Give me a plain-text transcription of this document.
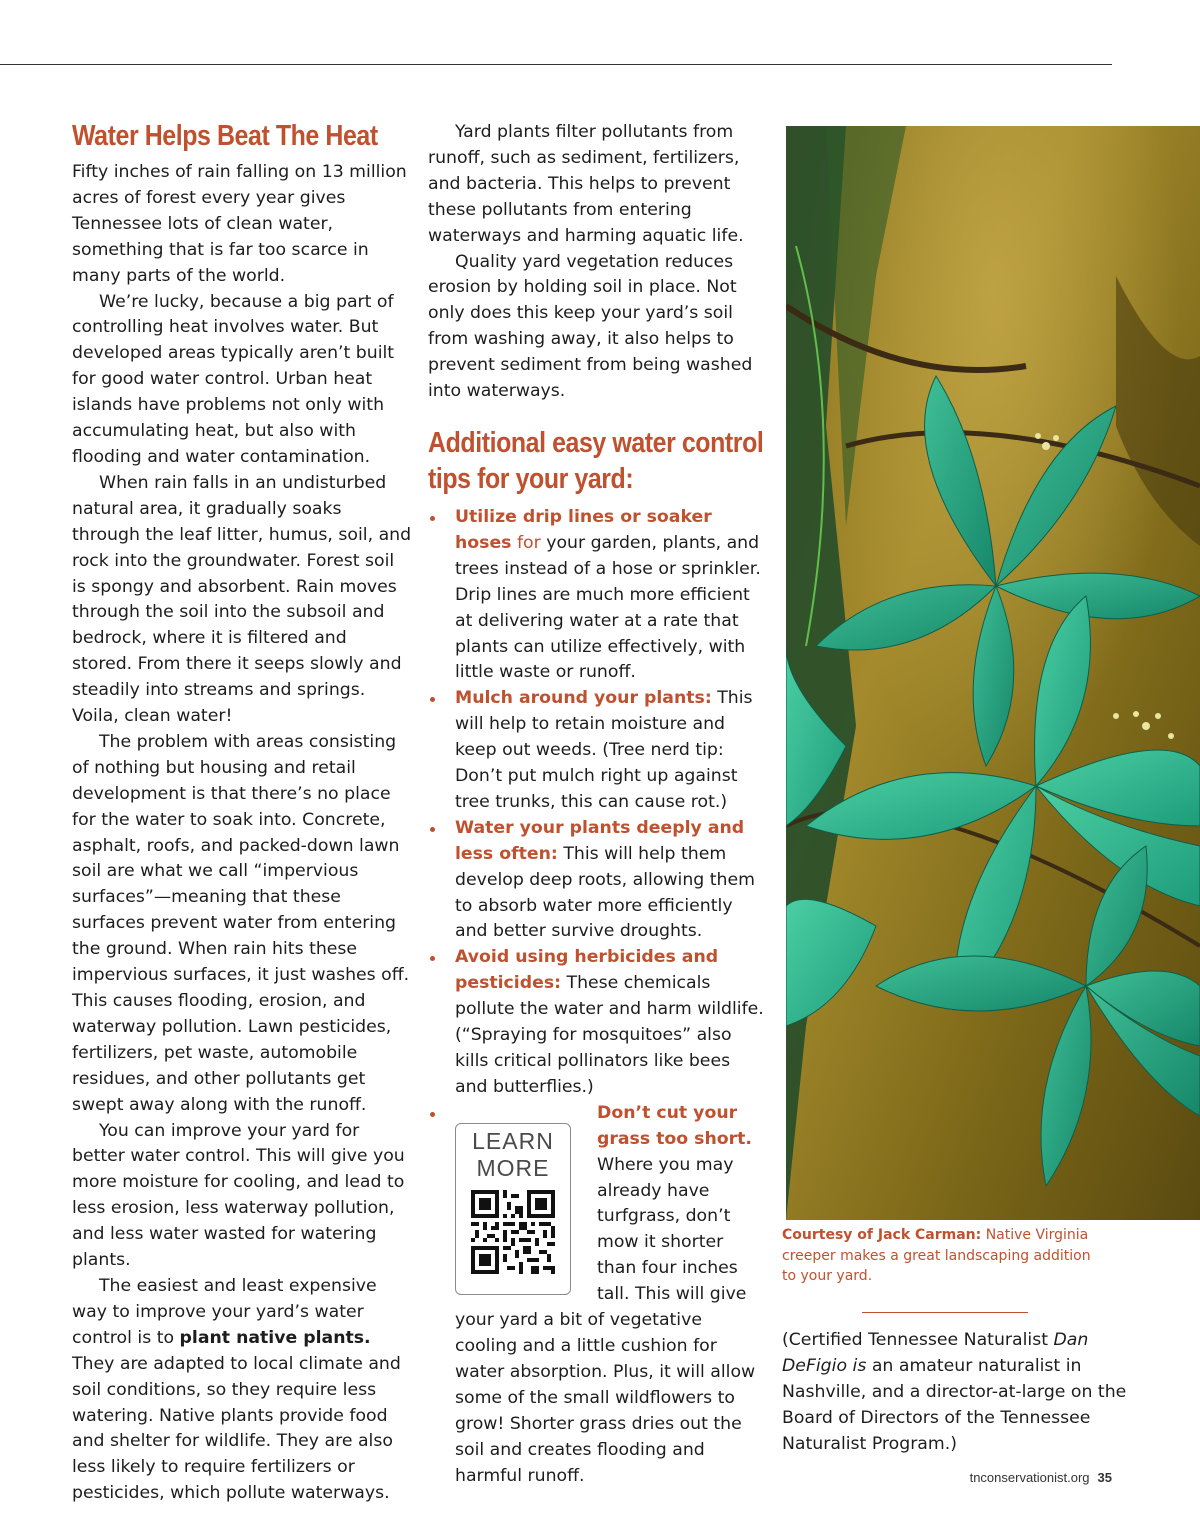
Water Helps Beat The Heat

Fifty inches of rain falling on 13 million acres of forest every year gives Tennessee lots of clean water, something that is far too scarce in many parts of the world.

We’re lucky, because a big part of controlling heat involves water. But developed areas typically aren’t built for good water control. Urban heat islands have problems not only with accumulating heat, but also with flooding and water contamination.

When rain falls in an undisturbed natural area, it gradually soaks through the leaf litter, humus, soil, and rock into the groundwater. Forest soil is spongy and absorbent. Rain moves through the soil into the subsoil and bedrock, where it is filtered and stored. From there it seeps slowly and steadily into streams and springs. Voila, clean water!

The problem with areas consisting of nothing but housing and retail development is that there’s no place for the water to soak into. Concrete, asphalt, roofs, and packed-down lawn soil are what we call “impervious surfaces”—meaning that these surfaces prevent water from entering the ground. When rain hits these impervious surfaces, it just washes off. This causes flooding, erosion, and waterway pollution. Lawn pesticides, fertilizers, pet waste, automobile residues, and other pollutants get swept away along with the runoff.

You can improve your yard for better water control. This will give you more moisture for cooling, and lead to less erosion, less waterway pollution, and less water wasted for watering plants.

The easiest and least expensive way to improve your yard’s water control is to plant native plants. They are adapted to local climate and soil conditions, so they require less watering. Native plants provide food and shelter for wildlife. They are also less likely to require fertilizers or pesticides, which pollute waterways.

Yard plants filter pollutants from runoff, such as sediment, fertilizers, and bacteria. This helps to prevent these pollutants from entering waterways and harming aquatic life.

Quality yard vegetation reduces erosion by holding soil in place. Not only does this keep your yard’s soil from washing away, it also helps to prevent sediment from being washed into waterways.

Additional easy water control tips for your yard:
Utilize drip lines or soaker hoses for your garden, plants, and trees instead of a hose or sprinkler. Drip lines are much more efficient at delivering water at a rate that plants can utilize effectively, with little waste or runoff.
Mulch around your plants: This will help to retain moisture and keep out weeds. (Tree nerd tip: Don’t put mulch right up against tree trunks, this can cause rot.)
Water your plants deeply and less often: This will help them develop deep roots, allowing them to absorb water more efficiently and better survive droughts.
Avoid using herbicides and pesticides: These chemicals pollute the water and harm wildlife. (“Spraying for mosquitoes” also kills critical pollinators like bees and butterflies.)
LEARN
MORE
Don’t cut your grass too short. Where you may already have turfgrass, don’t mow it shorter than four inches tall. This will give your yard a bit of vegetative cooling and a little cushion for water absorption. Plus, it will allow some of the small wildflowers to grow! Shorter grass dries out the soil and creates flooding and harmful runoff.
Courtesy of Jack Carman: Native Virginia creeper makes a great landscaping addition to your yard.
(Certified Tennessee Naturalist Dan DeFigio is an amateur naturalist in Nashville, and a director-at-large on the Board of Directors of the Tennessee Naturalist Program.)
tnconservationist.org 35
